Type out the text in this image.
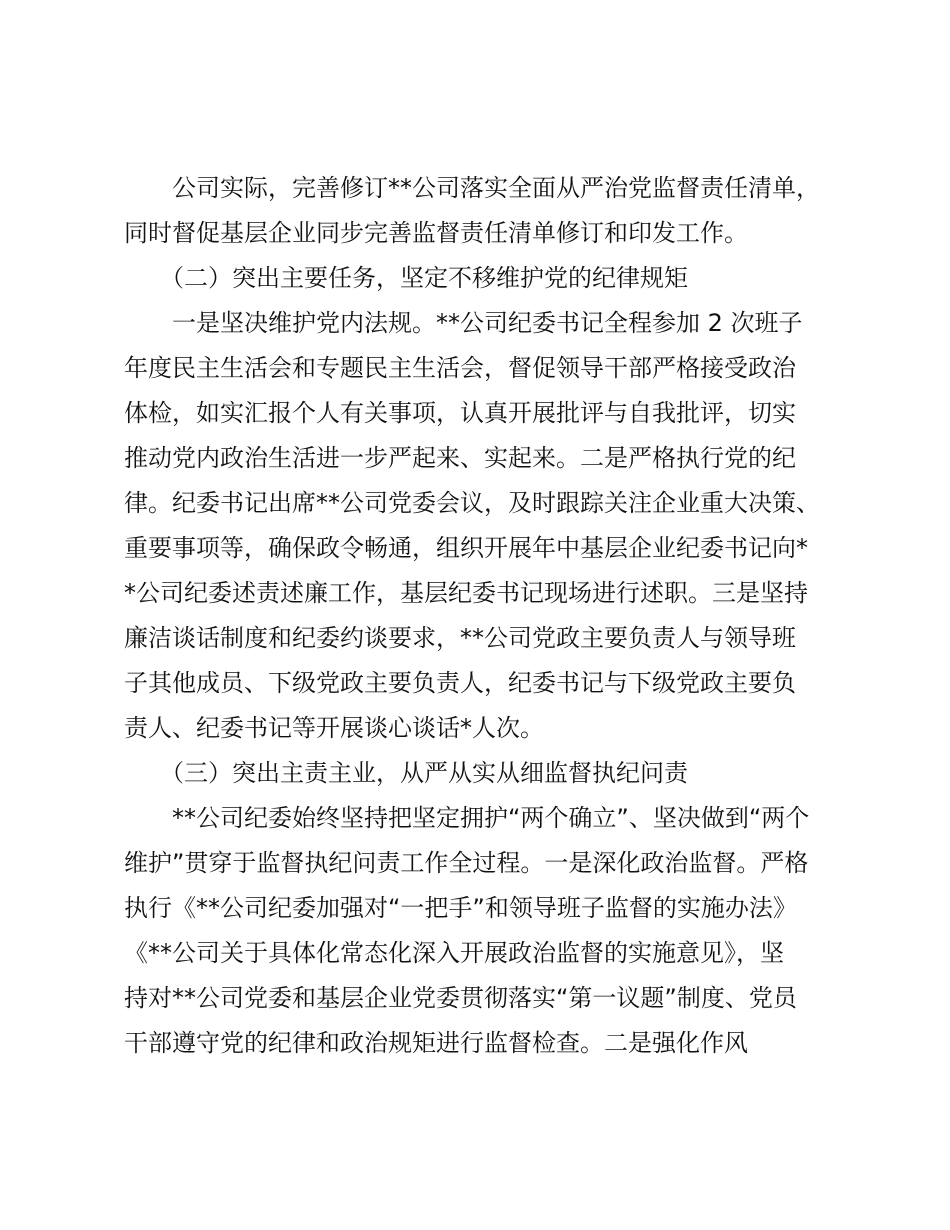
　　公司实际，完善修订**公司落实全面从严治党监督责任清单，
同时督促基层企业同步完善监督责任清单修订和印发工作。
　　（二）突出主要任务，坚定不移维护党的纪律规矩
　　一是坚决维护党内法规。**公司纪委书记全程参加 2 次班子
年度民主生活会和专题民主生活会，督促领导干部严格接受政治
体检，如实汇报个人有关事项，认真开展批评与自我批评，切实
推动党内政治生活进一步严起来、实起来。二是严格执行党的纪
律。纪委书记出席**公司党委会议，及时跟踪关注企业重大决策、
重要事项等，确保政令畅通，组织开展年中基层企业纪委书记向*
*公司纪委述责述廉工作，基层纪委书记现场进行述职。三是坚持
廉洁谈话制度和纪委约谈要求，**公司党政主要负责人与领导班
子其他成员、下级党政主要负责人，纪委书记与下级党政主要负
责人、纪委书记等开展谈心谈话*人次。
　　（三）突出主责主业，从严从实从细监督执纪问责
　　**公司纪委始终坚持把坚定拥护“两个确立”、坚决做到“两个
维护”贯穿于监督执纪问责工作全过程。一是深化政治监督。严格
执行《**公司纪委加强对“一把手”和领导班子监督的实施办法》
《**公司关于具体化常态化深入开展政治监督的实施意见》，坚
持对**公司党委和基层企业党委贯彻落实“第一议题”制度、党员
干部遵守党的纪律和政治规矩进行监督检查。二是强化作风
